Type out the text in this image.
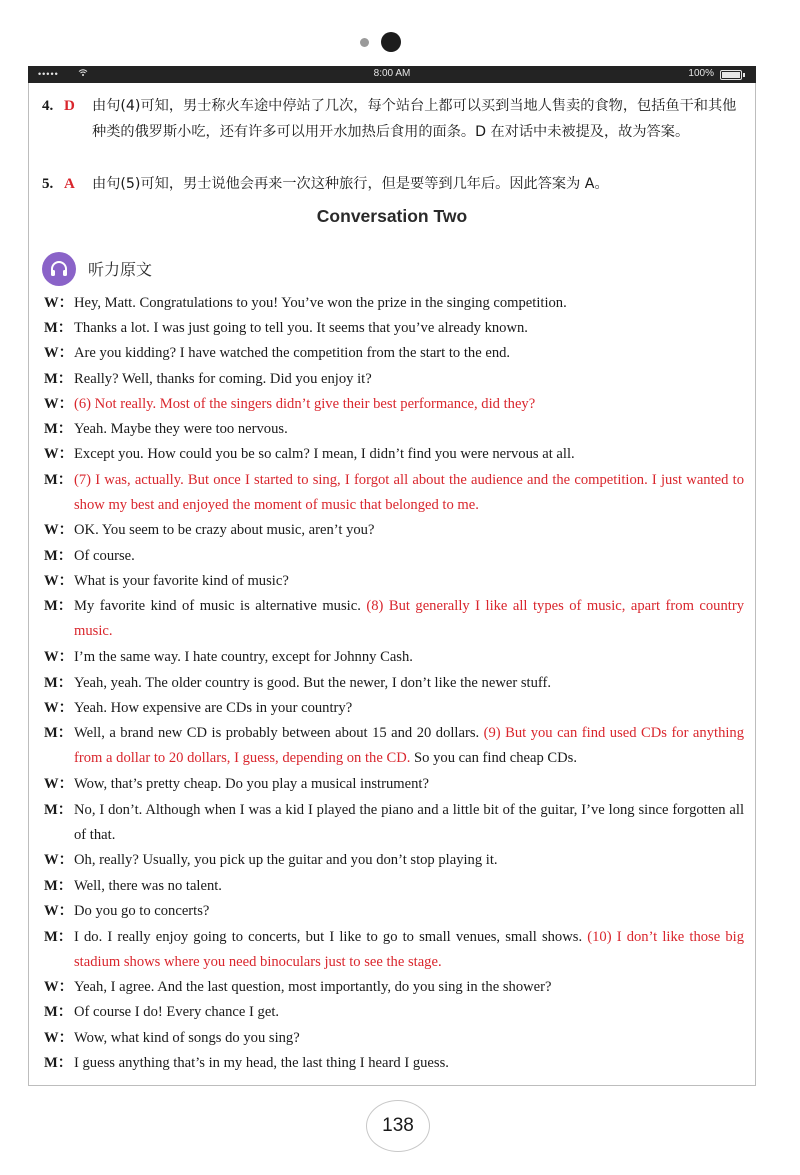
•••••	8:00 AM	100%
4. D 由句(4)可知，男士称火车途中停站了几次，每个站台上都可以买到当地人售卖的食物，包括鱼干和其他种类的俄罗斯小吃，还有许多可以用开水加热后食用的面条。D 在对话中未被提及，故为答案。
5. A 由句(5)可知，男士说他会再来一次这种旅行，但是要等到几年后。因此答案为 A。
Conversation Two
听力原文
W： Hey, Matt. Congratulations to you! You’ve won the prize in the singing competition.
M： Thanks a lot. I was just going to tell you. It seems that you’ve already known.
W： Are you kidding? I have watched the competition from the start to the end.
M： Really? Well, thanks for coming. Did you enjoy it?
W： (6) Not really. Most of the singers didn’t give their best performance, did they?
M： Yeah. Maybe they were too nervous.
W： Except you. How could you be so calm? I mean, I didn’t find you were nervous at all.
M： (7) I was, actually. But once I started to sing, I forgot all about the audience and the competition. I just wanted to show my best and enjoyed the moment of music that belonged to me.
W： OK. You seem to be crazy about music, aren’t you?
M： Of course.
W： What is your favorite kind of music?
M： My favorite kind of music is alternative music. (8) But generally I like all types of music, apart from country music.
W： I’m the same way. I hate country, except for Johnny Cash.
M： Yeah, yeah. The older country is good. But the newer, I don’t like the newer stuff.
W： Yeah. How expensive are CDs in your country?
M： Well, a brand new CD is probably between about 15 and 20 dollars. (9) But you can find used CDs for anything from a dollar to 20 dollars, I guess, depending on the CD. So you can find cheap CDs.
W： Wow, that’s pretty cheap. Do you play a musical instrument?
M： No, I don’t. Although when I was a kid I played the piano and a little bit of the guitar, I’ve long since forgotten all of that.
W： Oh, really? Usually, you pick up the guitar and you don’t stop playing it.
M： Well, there was no talent.
W： Do you go to concerts?
M： I do. I really enjoy going to concerts, but I like to go to small venues, small shows. (10) I don’t like those big stadium shows where you need binoculars just to see the stage.
W： Yeah, I agree. And the last question, most importantly, do you sing in the shower?
M： Of course I do! Every chance I get.
W： Wow, what kind of songs do you sing?
M： I guess anything that’s in my head, the last thing I heard I guess.
138
